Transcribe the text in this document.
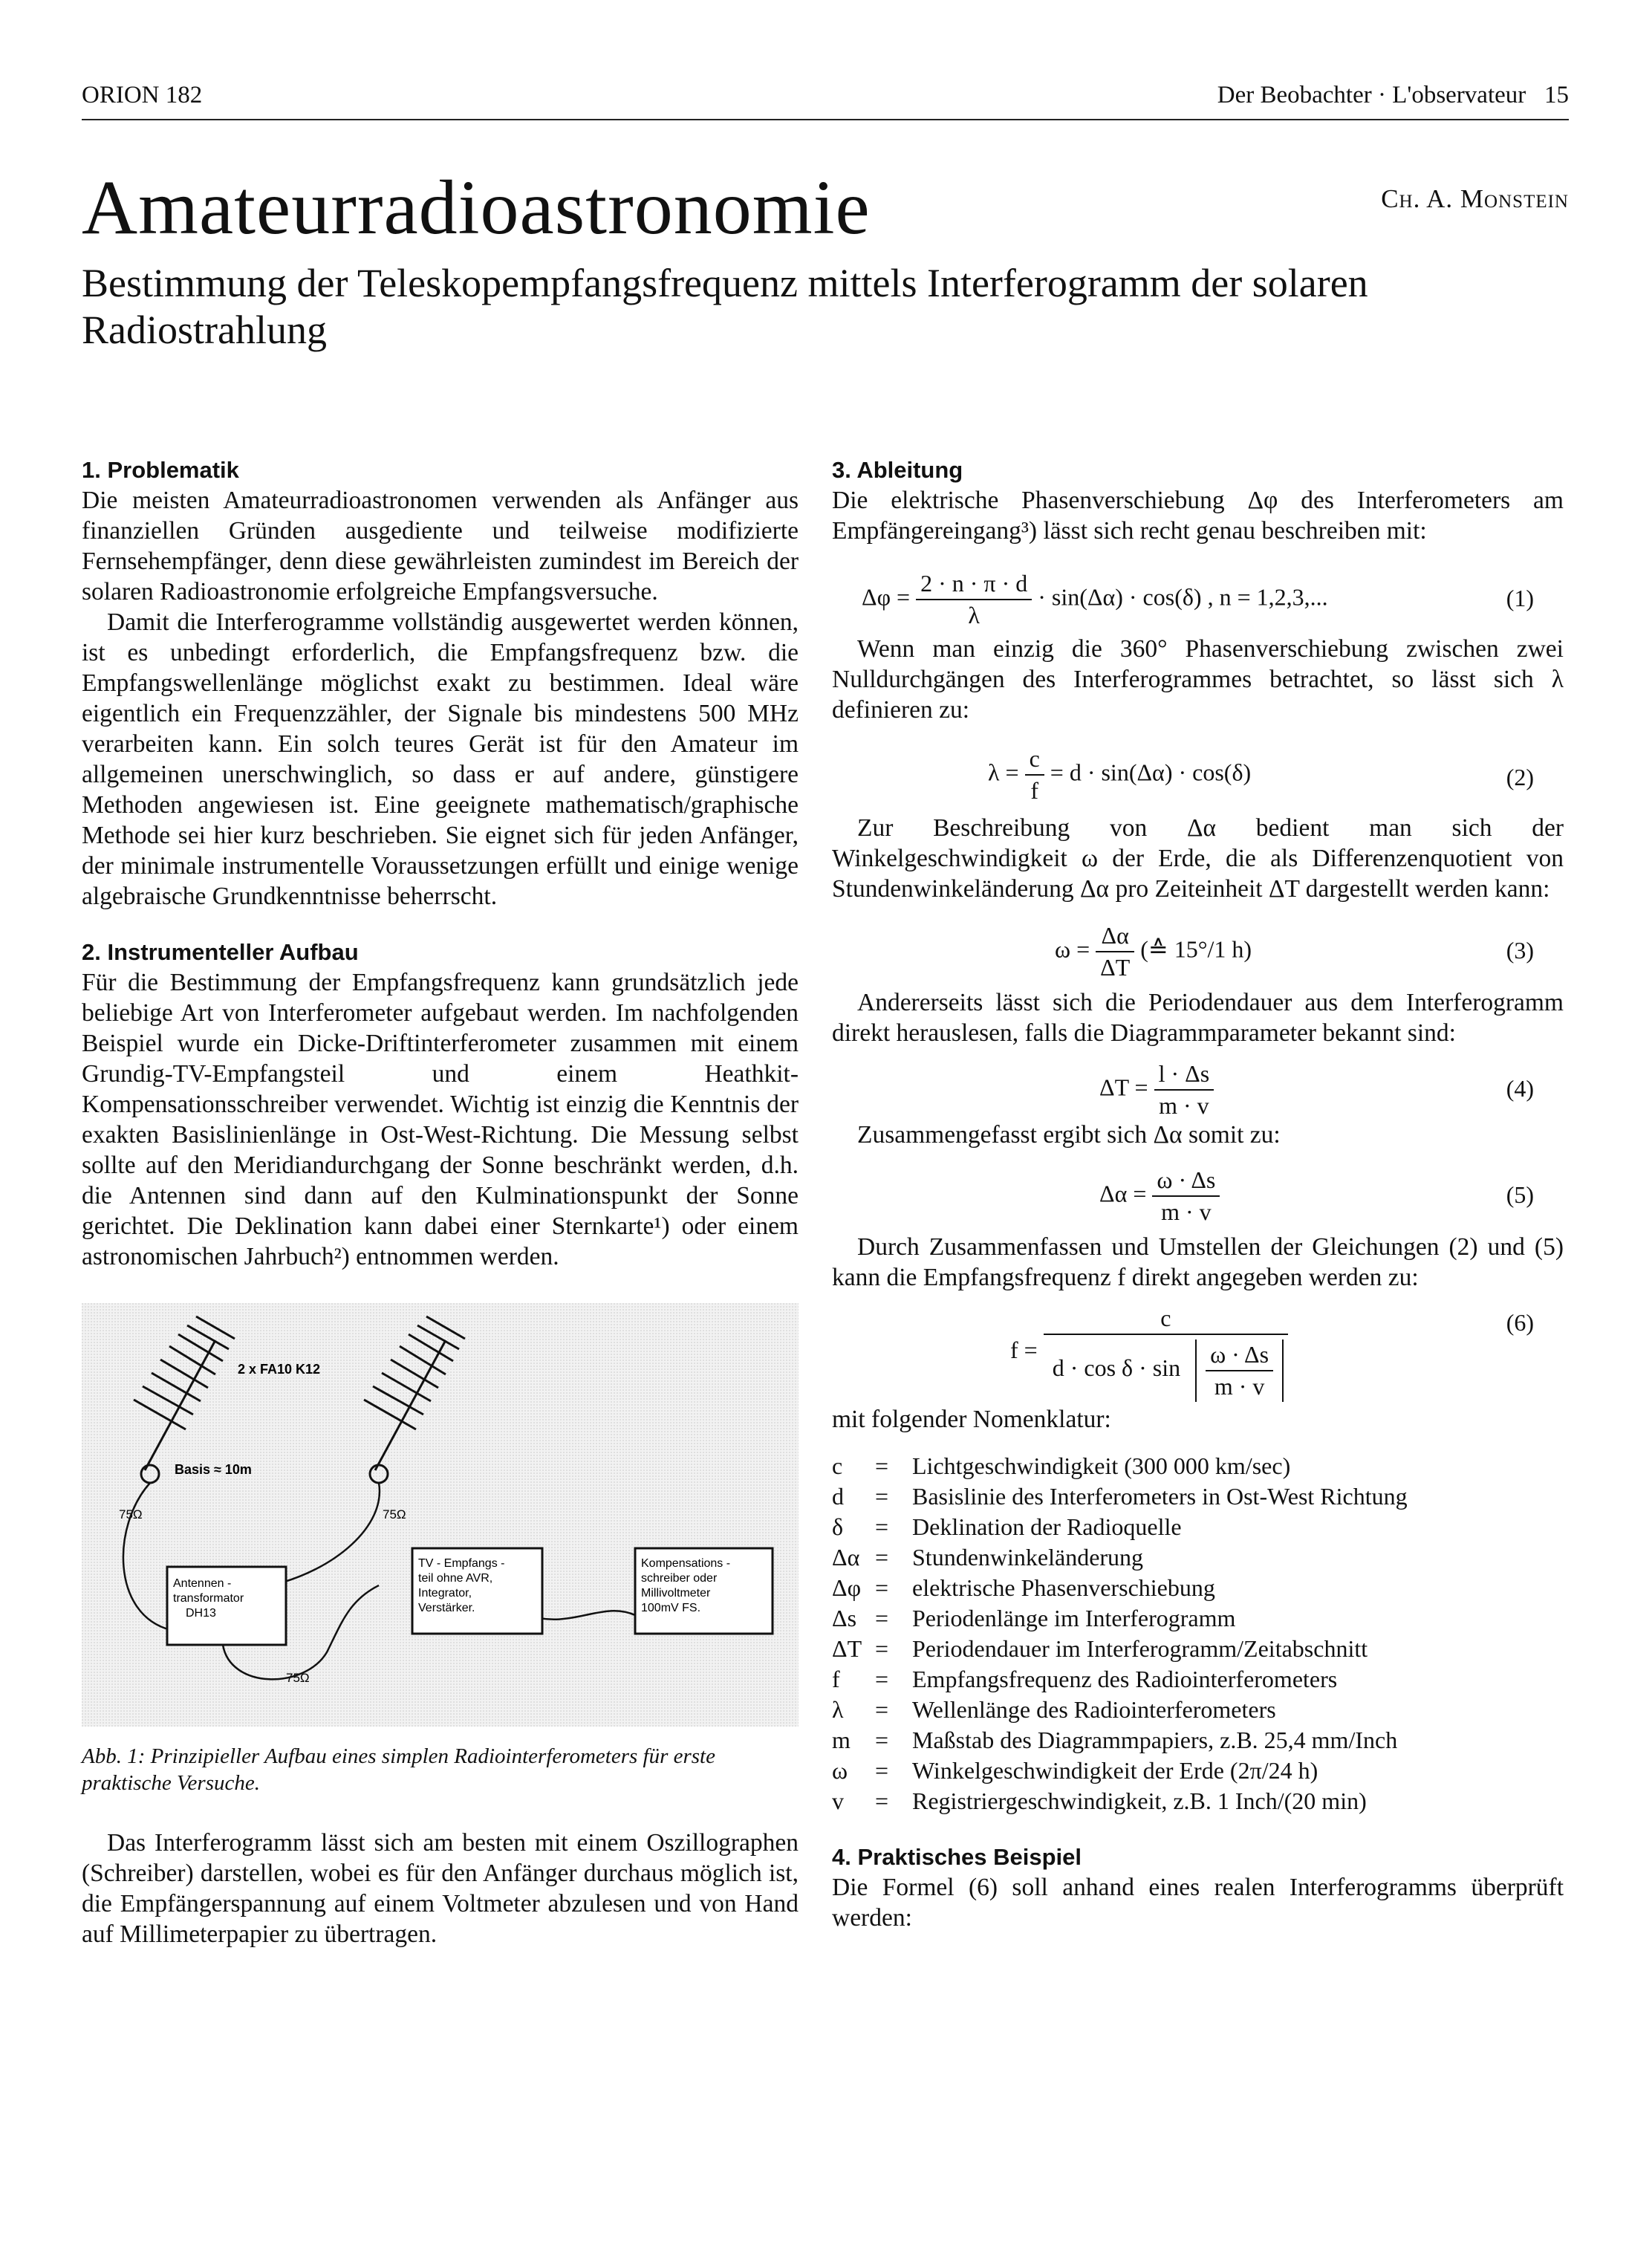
ORION 182	Der Beobachter · L'observateur 15
Amateurradioastronomie	Ch. A. Monstein
Bestimmung der Teleskopempfangsfrequenz mittels Interferogramm der solaren Radiostrahlung
1. Problematik

Die meisten Amateurradioastronomen verwenden als Anfänger aus finanziellen Gründen ausgediente und teilweise modifizierte Fernsehempfänger, denn diese gewährleisten zumindest im Bereich der solaren Radioastronomie erfolgreiche Empfangsversuche.

Damit die Interferogramme vollständig ausgewertet werden können, ist es unbedingt erforderlich, die Empfangsfrequenz bzw. die Empfangswellenlänge möglichst exakt zu bestimmen. Ideal wäre eigentlich ein Frequenzzähler, der Signale bis mindestens 500 MHz verarbeiten kann. Ein solch teures Gerät ist für den Amateur im allgemeinen unerschwinglich, so dass er auf andere, günstigere Methoden angewiesen ist. Eine geeignete mathematisch/graphische Methode sei hier kurz beschrieben. Sie eignet sich für jeden Anfänger, der minimale instrumentelle Voraussetzungen erfüllt und einige wenige algebraische Grundkenntnisse beherrscht.

2. Instrumenteller Aufbau

Für die Bestimmung der Empfangsfrequenz kann grundsätzlich jede beliebige Art von Interferometer aufgebaut werden. Im nachfolgenden Beispiel wurde ein Dicke-Driftinterferometer zusammen mit einem Grundig-TV-Empfangsteil und einem Heathkit-Kompensationsschreiber verwendet. Wichtig ist einzig die Kenntnis der exakten Basislinienlänge in Ost-West-Richtung. Die Messung selbst sollte auf den Meridiandurchgang der Sonne beschränkt werden, d.h. die Antennen sind dann auf den Kulminationspunkt der Sonne gerichtet. Die Deklination kann dabei einer Sternkarte¹) oder einem astronomischen Jahrbuch²) entnommen werden.

2 x FA10 K12
Basis ≈ 10m
75Ω	75Ω
75Ω
Antennen -
transformator
DH13
TV - Empfangs -
teil ohne AVR,
Integrator,
Verstärker.
Kompensations -
schreiber oder
Millivoltmeter
100mV FS.
Abb. 1: Prinzipieller Aufbau eines simplen Radiointerferometers für erste praktische Versuche.

Das Interferogramm lässt sich am besten mit einem Oszillographen (Schreiber) darstellen, wobei es für den Anfänger durchaus möglich ist, die Empfängerspannung auf einem Voltmeter abzulesen und von Hand auf Millimeterpapier zu übertragen.

3. Ableitung

Die elektrische Phasenverschiebung Δφ des Interferometers am Empfängereingang³) lässt sich recht genau beschreiben mit:

$\Delta\varphi = \frac{2 \cdot n \cdot \pi \cdot d}{\lambda} \cdot \sin(\Delta\alpha) \cdot \cos(\delta)$ , n = 1,2,3,...	(1)

Wenn man einzig die 360° Phasenverschiebung zwischen zwei Nulldurchgängen des Interferogrammes betrachtet, so lässt sich λ definieren zu:

$\lambda = \frac{c}{f} = d \cdot \sin(\Delta\alpha) \cdot \cos(\delta)$	(2)

Zur Beschreibung von Δα bedient man sich der Winkelgeschwindigkeit ω der Erde, die als Differenzenquotient von Stundenwinkeländerung Δα pro Zeiteinheit ΔT dargestellt werden kann:

$\omega = \frac{\Delta\alpha}{\Delta T}$ (≙ 15°/1 h)	(3)

Andererseits lässt sich die Periodendauer aus dem Interferogramm direkt herauslesen, falls die Diagrammparameter bekannt sind:

$\Delta T = \frac{l \cdot \Delta s}{m \cdot v}$	(4)

Zusammengefasst ergibt sich Δα somit zu:

$\Delta\alpha = \frac{\omega \cdot \Delta s}{m \cdot v}$	(5)

Durch Zusammenfassen und Umstellen der Gleichungen (2) und (5) kann die Empfangsfrequenz f direkt angegeben werden zu:

f = c
d · cos δ · sin
ω · Δs
m · v	(6)

mit folgender Nomenklatur:

c	=	Lichtgeschwindigkeit (300 000 km/sec)
d	=	Basislinie des Interferometers in Ost-West Richtung
δ	=	Deklination der Radioquelle
Δα	=	Stundenwinkeländerung
Δφ	=	elektrische Phasenverschiebung
Δs	=	Periodenlänge im Interferogramm
ΔT	=	Periodendauer im Interferogramm/Zeitabschnitt
f	=	Empfangsfrequenz des Radiointerferometers
λ	=	Wellenlänge des Radiointerferometers
m	=	Maßstab des Diagrammpapiers, z.B. 25,4 mm/Inch
ω	=	Winkelgeschwindigkeit der Erde (2π/24 h)
v	=	Registriergeschwindigkeit, z.B. 1 Inch/(20 min)
4. Praktisches Beispiel

Die Formel (6) soll anhand eines realen Interferogramms überprüft werden:
